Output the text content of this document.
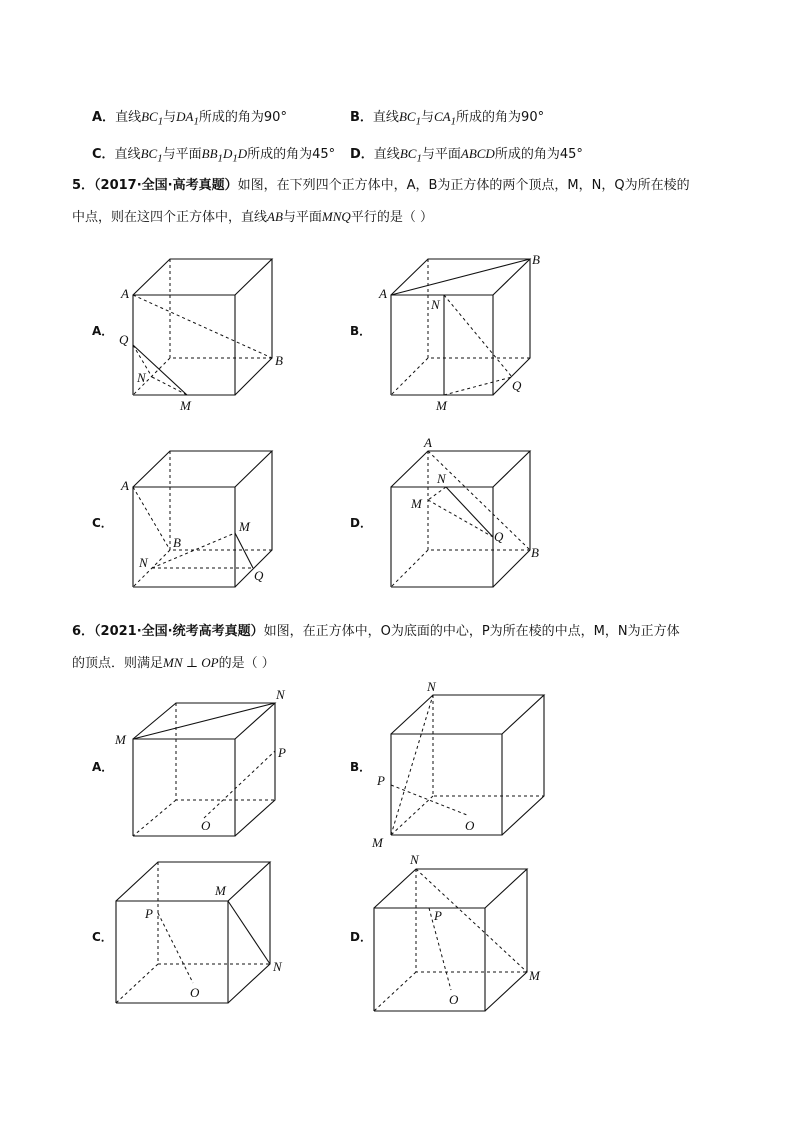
A．直线$BC_1$与$DA_1$所成的角为90°	B．直线$BC_1$与$CA_1$所成的角为90°
C．直线$BC_1$与平面$BB_1D_1D$所成的角为45° D．直线$BC_1$与平面ABCD所成的角为45°
5．（2017·全国·高考真题）如图，在下列四个正方体中，A，B为正方体的两个顶点，M，N，Q为所在棱的
中点，则在这四个正方体中，直线AB与平面MNQ平行的是（ ）
A．	B．
C．	D．
A
B
Q
N
M
A
B
N
Q
M
A
B
N
M
Q
A
B
N
M
Q
6．（2021·全国·统考高考真题）如图，在正方体中，O为底面的中心，P为所在棱的中点，M，N为正方体
的顶点．则满足MN ⊥ OP的是（ ）
A．	B．
C．	D．
M
N
P
O
N
M
P
O
M
N
P
O
N
M
P
O
